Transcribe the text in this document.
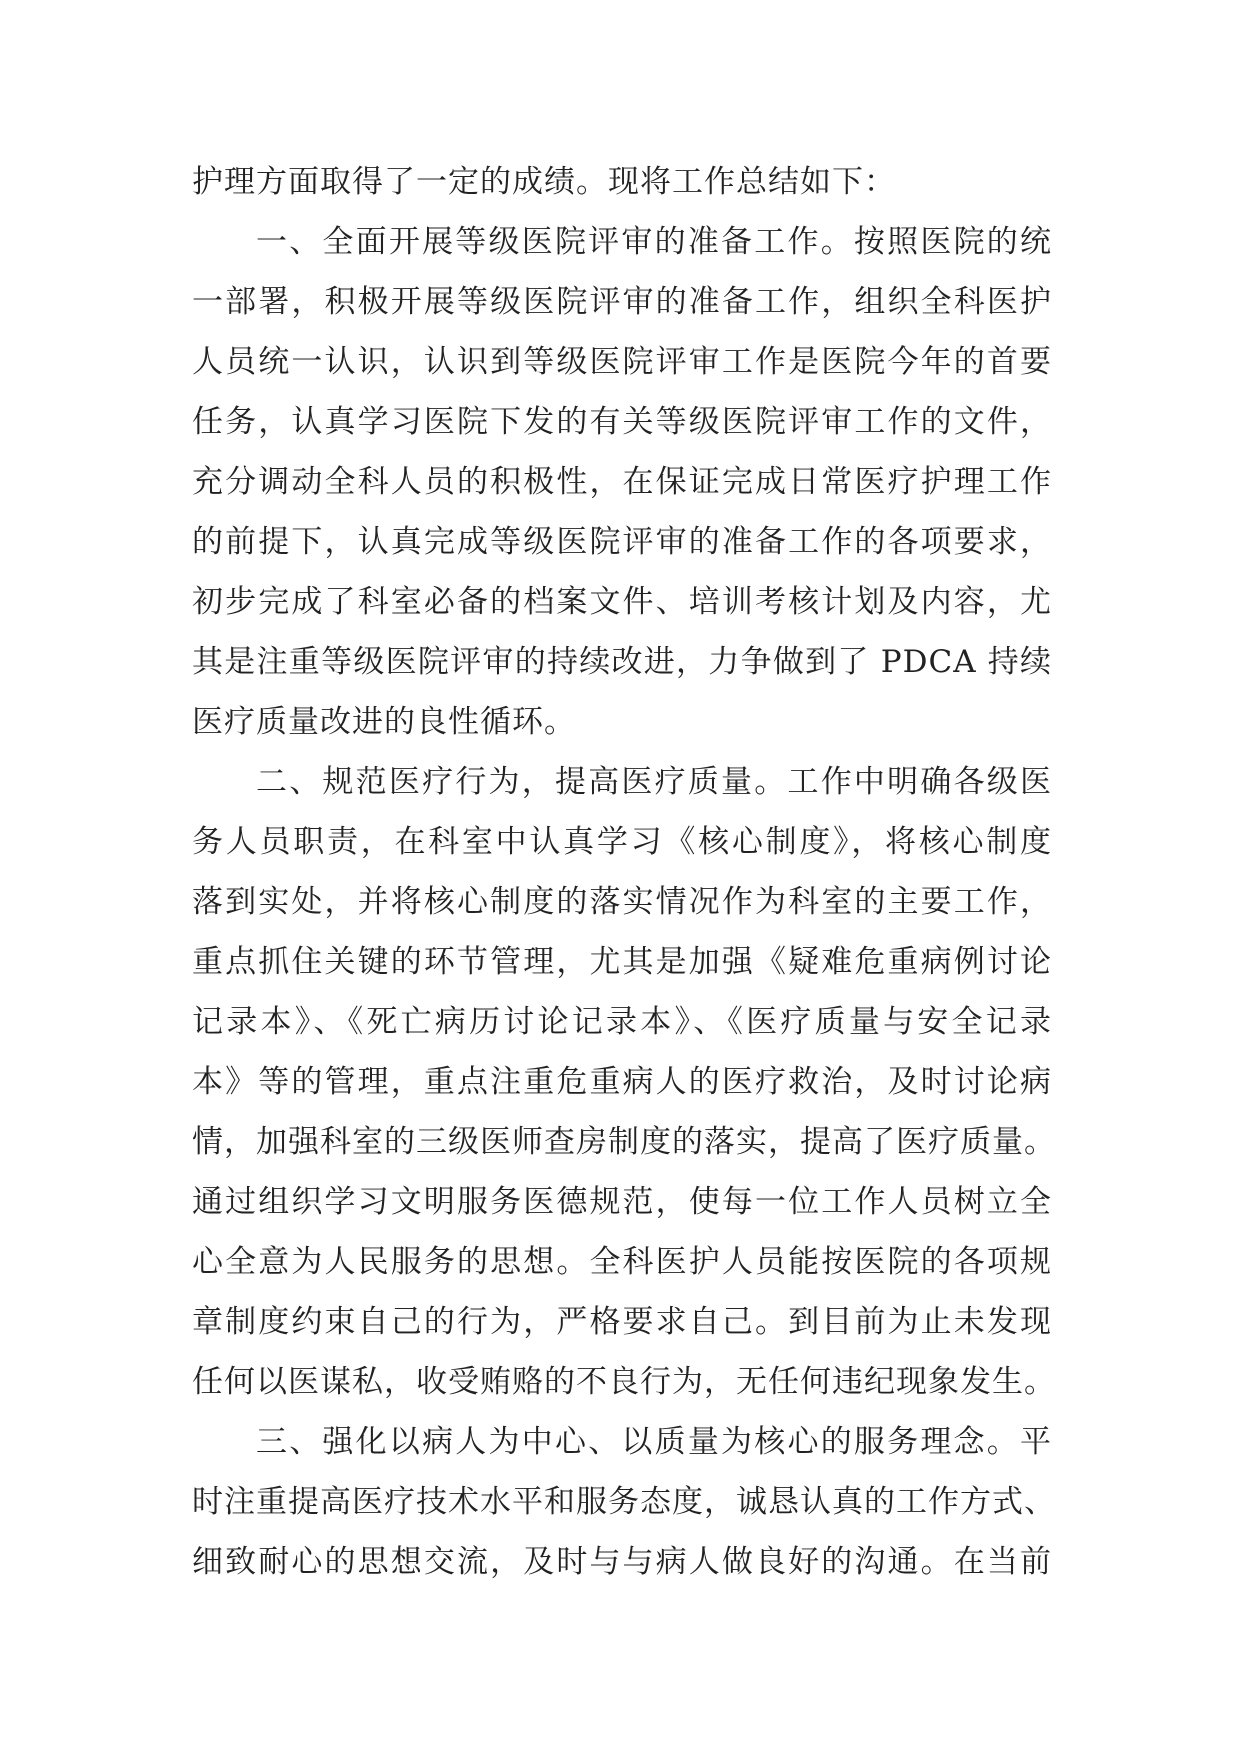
护理方面取得了一定的成绩。现将工作总结如下：
一、全面开展等级医院评审的准备工作。按照医院的统
一部署，积极开展等级医院评审的准备工作，组织全科医护
人员统一认识，认识到等级医院评审工作是医院今年的首要
任务，认真学习医院下发的有关等级医院评审工作的文件，
充分调动全科人员的积极性，在保证完成日常医疗护理工作
的前提下，认真完成等级医院评审的准备工作的各项要求，
初步完成了科室必备的档案文件、培训考核计划及内容，尤
其是注重等级医院评审的持续改进，力争做到了 PDCA 持续
医疗质量改进的良性循环。
二、规范医疗行为，提高医疗质量。工作中明确各级医
务人员职责，在科室中认真学习《核心制度》，将核心制度
落到实处，并将核心制度的落实情况作为科室的主要工作，
重点抓住关键的环节管理，尤其是加强《疑难危重病例讨论
记录本》、《死亡病历讨论记录本》、《医疗质量与安全记录
本》等的管理，重点注重危重病人的医疗救治，及时讨论病
情，加强科室的三级医师查房制度的落实，提高了医疗质量。
通过组织学习文明服务医德规范，使每一位工作人员树立全
心全意为人民服务的思想。全科医护人员能按医院的各项规
章制度约束自己的行为，严格要求自己。到目前为止未发现
任何以医谋私，收受贿赂的不良行为，无任何违纪现象发生。
三、强化以病人为中心、以质量为核心的服务理念。平
时注重提高医疗技术水平和服务态度，诚恳认真的工作方式、
细致耐心的思想交流，及时与与病人做良好的沟通。在当前
